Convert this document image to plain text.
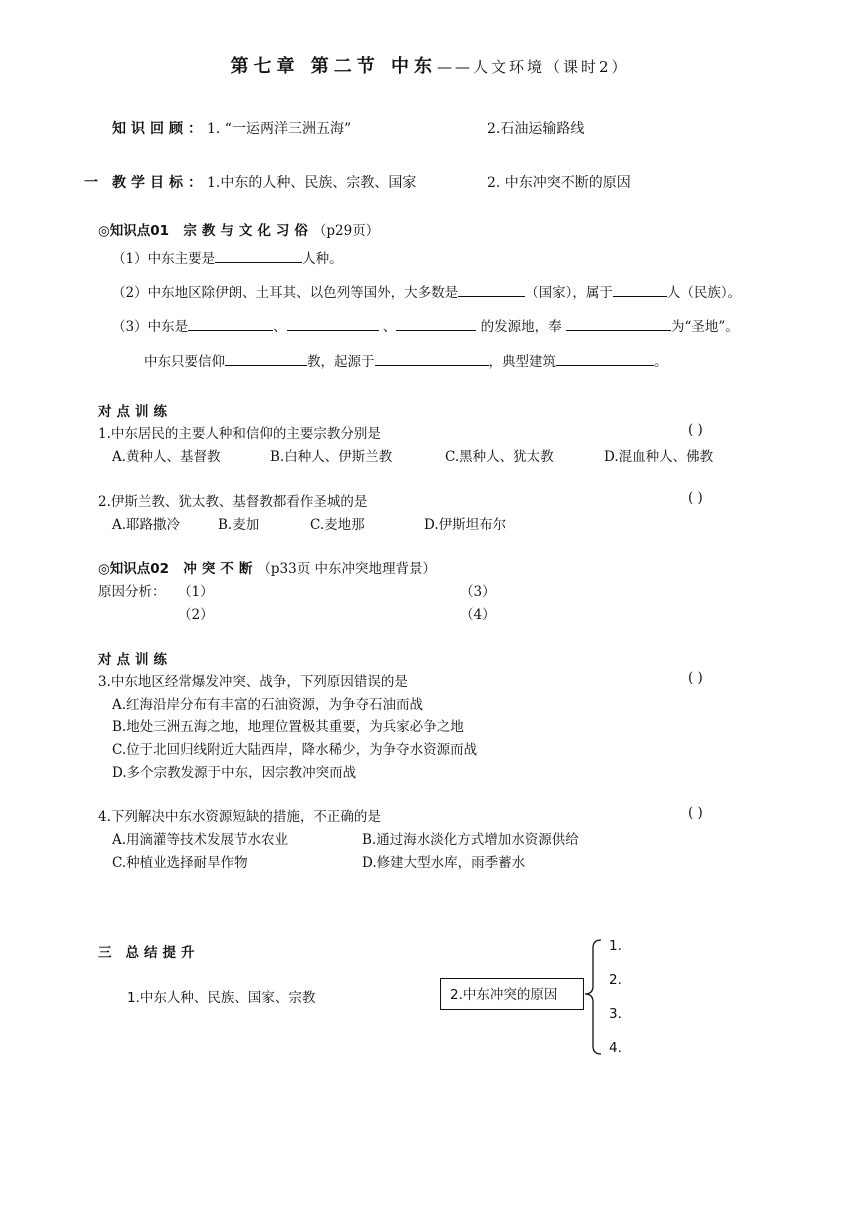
第七章 第二节 中东——人文环境（课时2）
知识回顾：1. “一运两洋三洲五海”	2.石油运输路线
一 教学目标：1.中东的人种、民族、宗教、国家	2. 中东冲突不断的原因
◎知识点01 宗教与文化习俗（p29页）
（1）中东主要是	人种。
（2）中东地区除伊朗、土耳其、以色列等国外，大多数是	（国家），属于	人（民族）。
（3）中东是	、	、	的发源地，奉	为“圣地”。
中东只要信仰	教，起源于	，典型建筑	。
对点训练
1.中东居民的主要人种和信仰的主要宗教分别是	( )
A.黄种人、基督教	B.白种人、伊斯兰教	C.黑种人、犹太教	D.混血种人、佛教
2.伊斯兰教、犹太教、基督教都看作圣城的是	( )
A.耶路撒冷	B.麦加	C.麦地那	D.伊斯坦布尔
◎知识点02 冲突不断（p33页 中东冲突地理背景）
原因分析： （1）	（3）
（2）	（4）
对点训练
3.中东地区经常爆发冲突、战争，下列原因错误的是	( )
A.红海沿岸分布有丰富的石油资源，为争夺石油而战
B.地处三洲五海之地，地理位置极其重要，为兵家必争之地
C.位于北回归线附近大陆西岸，降水稀少，为争夺水资源而战
D.多个宗教发源于中东，因宗教冲突而战
4.下列解决中东水资源短缺的措施，不正确的是	( )
A.用滴灌等技术发展节水农业	B.通过海水淡化方式增加水资源供给
C.种植业选择耐旱作物	D.修建大型水库，雨季蓄水
三 总结提升
1.中东人种、民族、国家、宗教	2.中东冲突的原因
1.
2.
3.
4.
